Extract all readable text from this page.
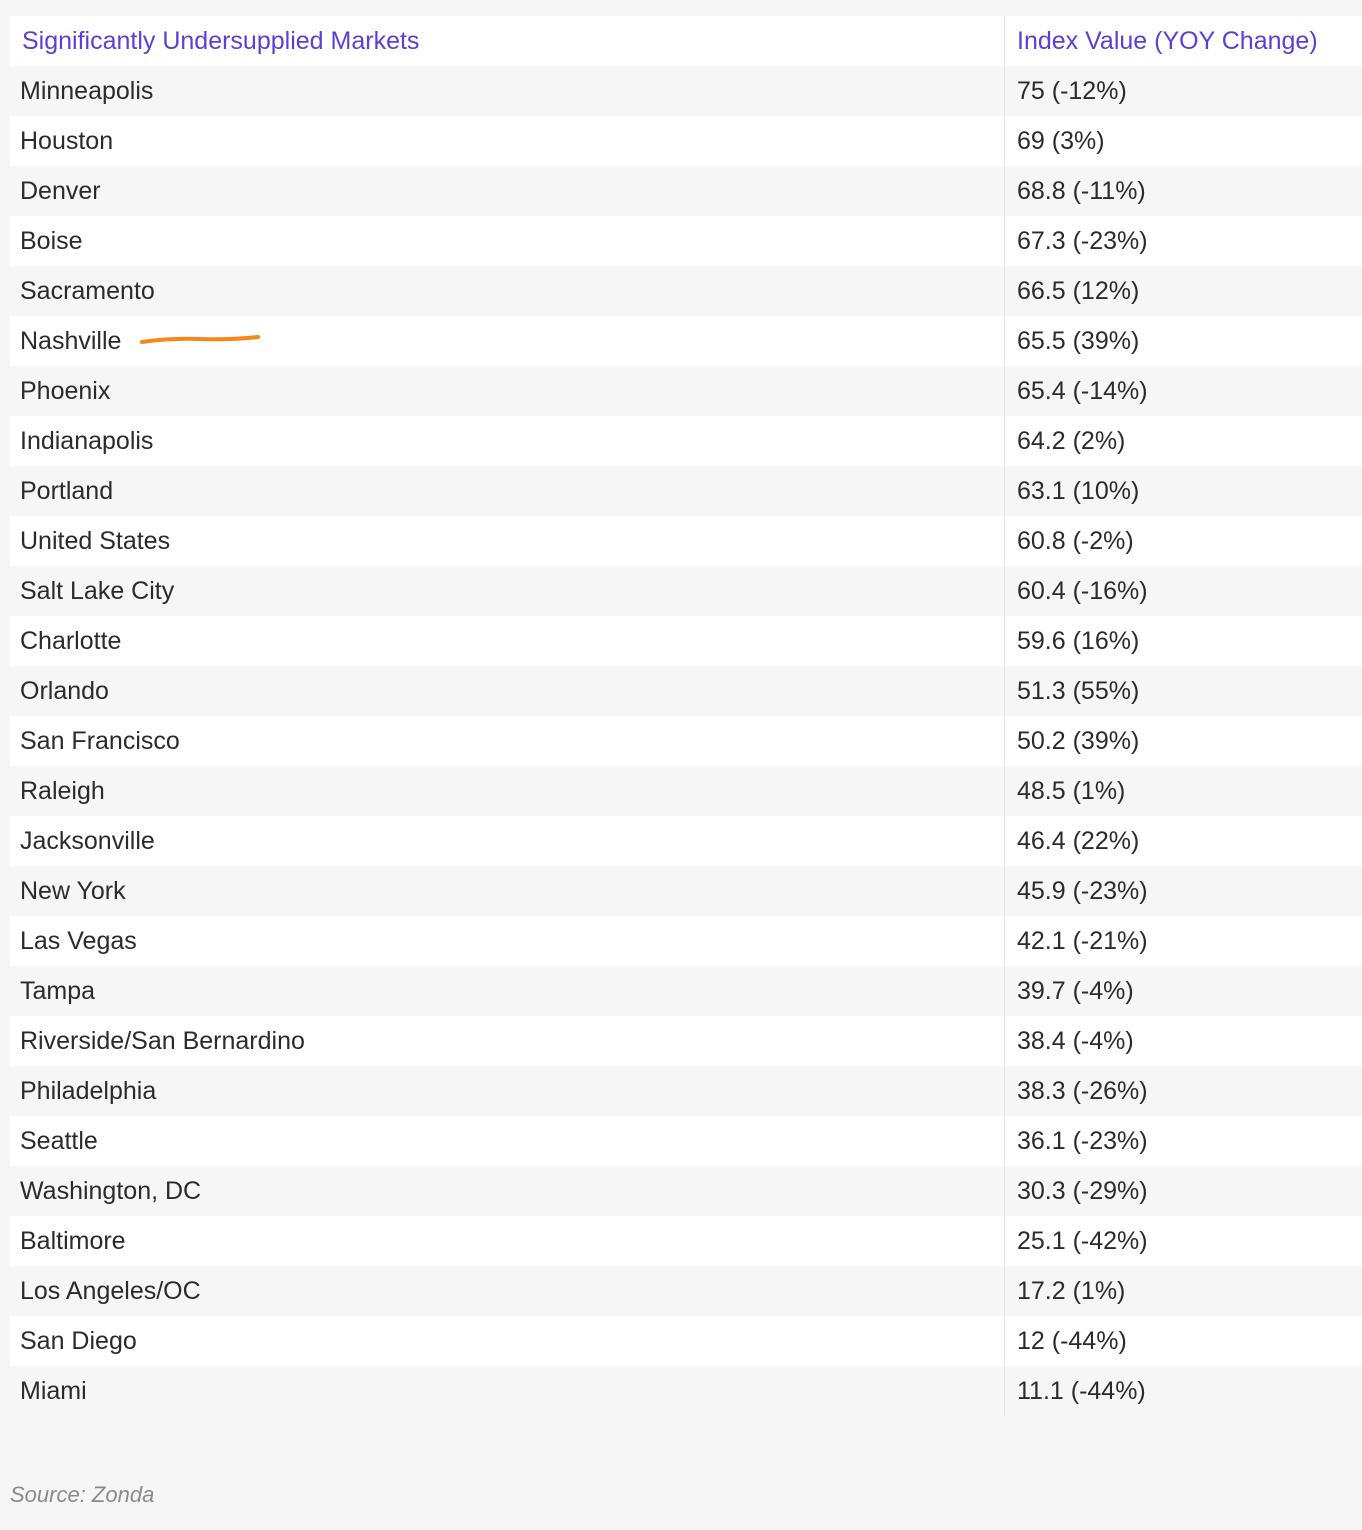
Significantly Undersupplied Markets	Index Value (YOY Change)
Minneapolis	75 (-12%)
Houston	69 (3%)
Denver	68.8 (-11%)
Boise	67.3 (-23%)
Sacramento	66.5 (12%)
Nashville	65.5 (39%)
Phoenix	65.4 (-14%)
Indianapolis	64.2 (2%)
Portland	63.1 (10%)
United States	60.8 (-2%)
Salt Lake City	60.4 (-16%)
Charlotte	59.6 (16%)
Orlando	51.3 (55%)
San Francisco	50.2 (39%)
Raleigh	48.5 (1%)
Jacksonville	46.4 (22%)
New York	45.9 (-23%)
Las Vegas	42.1 (-21%)
Tampa	39.7 (-4%)
Riverside/San Bernardino	38.4 (-4%)
Philadelphia	38.3 (-26%)
Seattle	36.1 (-23%)
Washington, DC	30.3 (-29%)
Baltimore	25.1 (-42%)
Los Angeles/OC	17.2 (1%)
San Diego	12 (-44%)
Miami	11.1 (-44%)
Source: Zonda
